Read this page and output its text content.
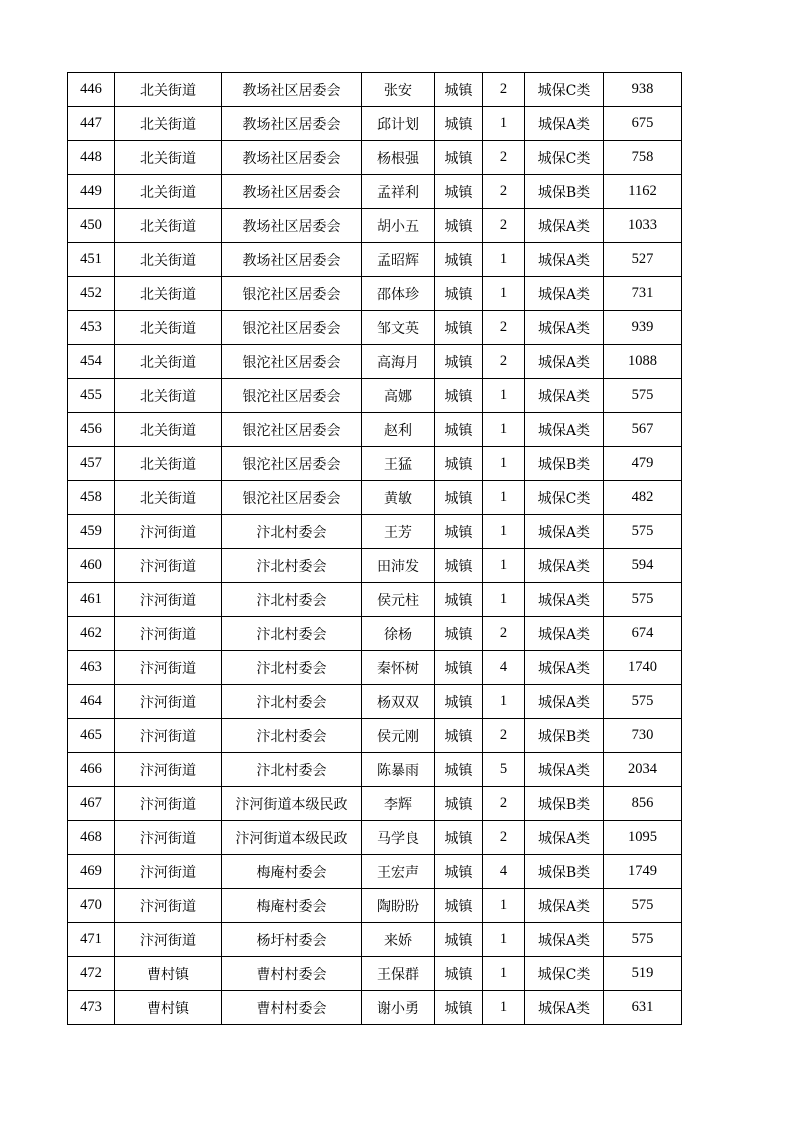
446	北关街道	教场社区居委会	张安	城镇	2	城保C类	938
447	北关街道	教场社区居委会	邱计划	城镇	1	城保A类	675
448	北关街道	教场社区居委会	杨根强	城镇	2	城保C类	758
449	北关街道	教场社区居委会	孟祥利	城镇	2	城保B类	1162
450	北关街道	教场社区居委会	胡小五	城镇	2	城保A类	1033
451	北关街道	教场社区居委会	孟昭辉	城镇	1	城保A类	527
452	北关街道	银沱社区居委会	邵体珍	城镇	1	城保A类	731
453	北关街道	银沱社区居委会	邹文英	城镇	2	城保A类	939
454	北关街道	银沱社区居委会	高海月	城镇	2	城保A类	1088
455	北关街道	银沱社区居委会	高娜	城镇	1	城保A类	575
456	北关街道	银沱社区居委会	赵利	城镇	1	城保A类	567
457	北关街道	银沱社区居委会	王猛	城镇	1	城保B类	479
458	北关街道	银沱社区居委会	黄敏	城镇	1	城保C类	482
459	汴河街道	汴北村委会	王芳	城镇	1	城保A类	575
460	汴河街道	汴北村委会	田沛发	城镇	1	城保A类	594
461	汴河街道	汴北村委会	侯元柱	城镇	1	城保A类	575
462	汴河街道	汴北村委会	徐杨	城镇	2	城保A类	674
463	汴河街道	汴北村委会	秦怀树	城镇	4	城保A类	1740
464	汴河街道	汴北村委会	杨双双	城镇	1	城保A类	575
465	汴河街道	汴北村委会	侯元刚	城镇	2	城保B类	730
466	汴河街道	汴北村委会	陈暴雨	城镇	5	城保A类	2034
467	汴河街道	汴河街道本级民政	李辉	城镇	2	城保B类	856
468	汴河街道	汴河街道本级民政	马学良	城镇	2	城保A类	1095
469	汴河街道	梅庵村委会	王宏声	城镇	4	城保B类	1749
470	汴河街道	梅庵村委会	陶盼盼	城镇	1	城保A类	575
471	汴河街道	杨圩村委会	来娇	城镇	1	城保A类	575
472	曹村镇	曹村村委会	王保群	城镇	1	城保C类	519
473	曹村镇	曹村村委会	谢小勇	城镇	1	城保A类	631
